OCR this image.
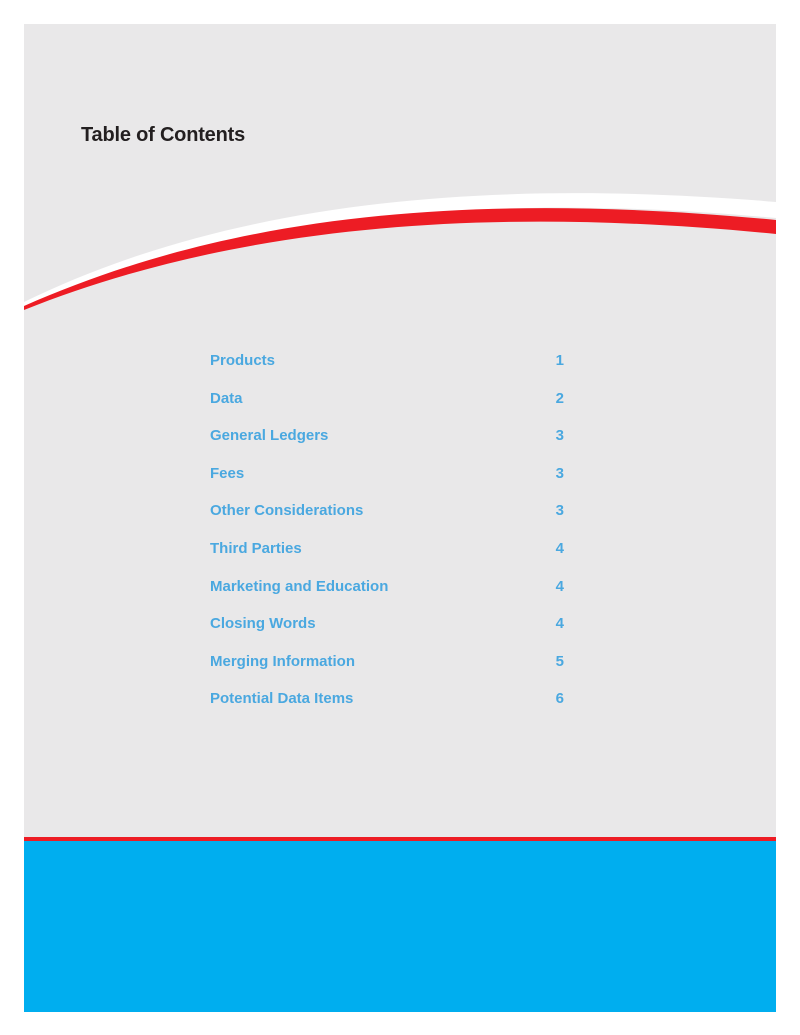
Table of Contents
Products	1
Data	2
General Ledgers	3
Fees	3
Other Considerations	3
Third Parties	4
Marketing and Education	4
Closing Words	4
Merging Information	5
Potential Data Items	6
